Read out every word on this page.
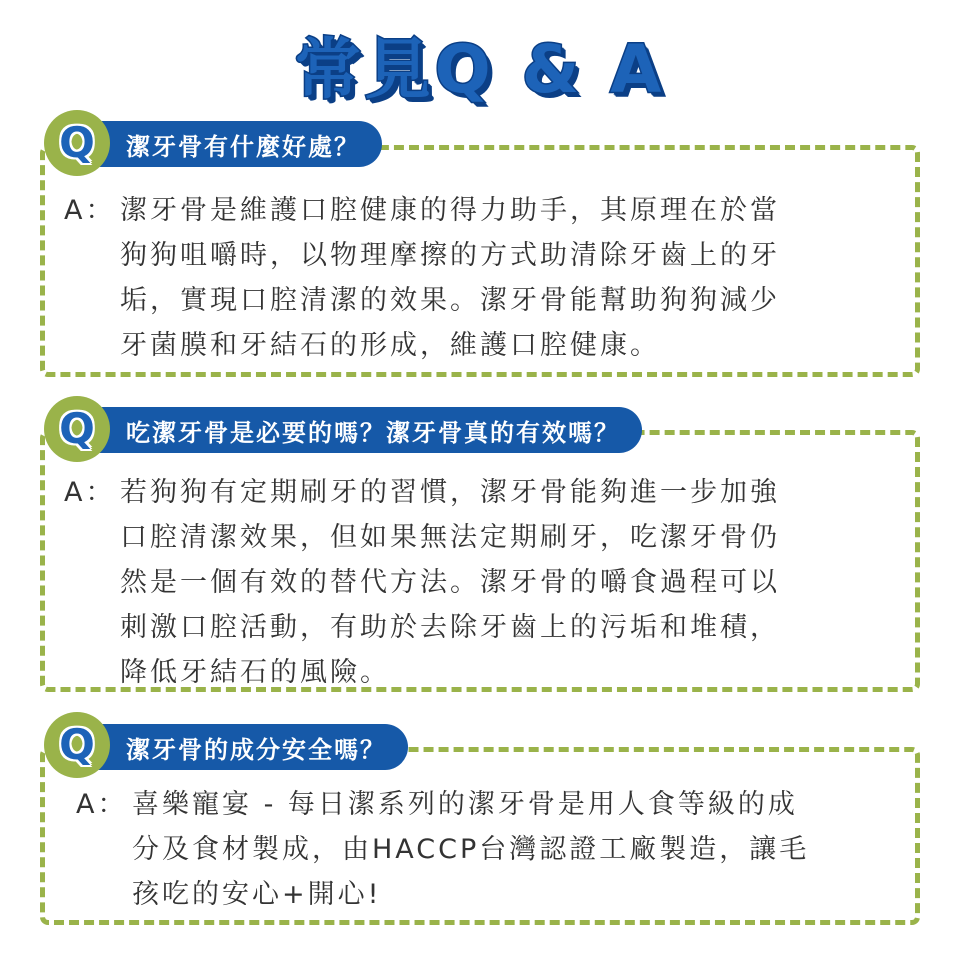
常見Q & A
Q 潔牙骨有什麼好處？
A： 潔牙骨是維護口腔健康的得力助手，其原理在於當
狗狗咀嚼時，以物理摩擦的方式助清除牙齒上的牙
垢，實現口腔清潔的效果。潔牙骨能幫助狗狗減少
牙菌膜和牙結石的形成，維護口腔健康。
Q 吃潔牙骨是必要的嗎？潔牙骨真的有效嗎？
A： 若狗狗有定期刷牙的習慣，潔牙骨能夠進一步加強
口腔清潔效果，但如果無法定期刷牙，吃潔牙骨仍
然是一個有效的替代方法。潔牙骨的嚼食過程可以
刺激口腔活動，有助於去除牙齒上的污垢和堆積，
降低牙結石的風險。
Q 潔牙骨的成分安全嗎？
A： 喜樂寵宴 - 每日潔系列的潔牙骨是用人食等級的成
分及食材製成，由HACCP台灣認證工廠製造，讓毛
孩吃的安心+開心!
